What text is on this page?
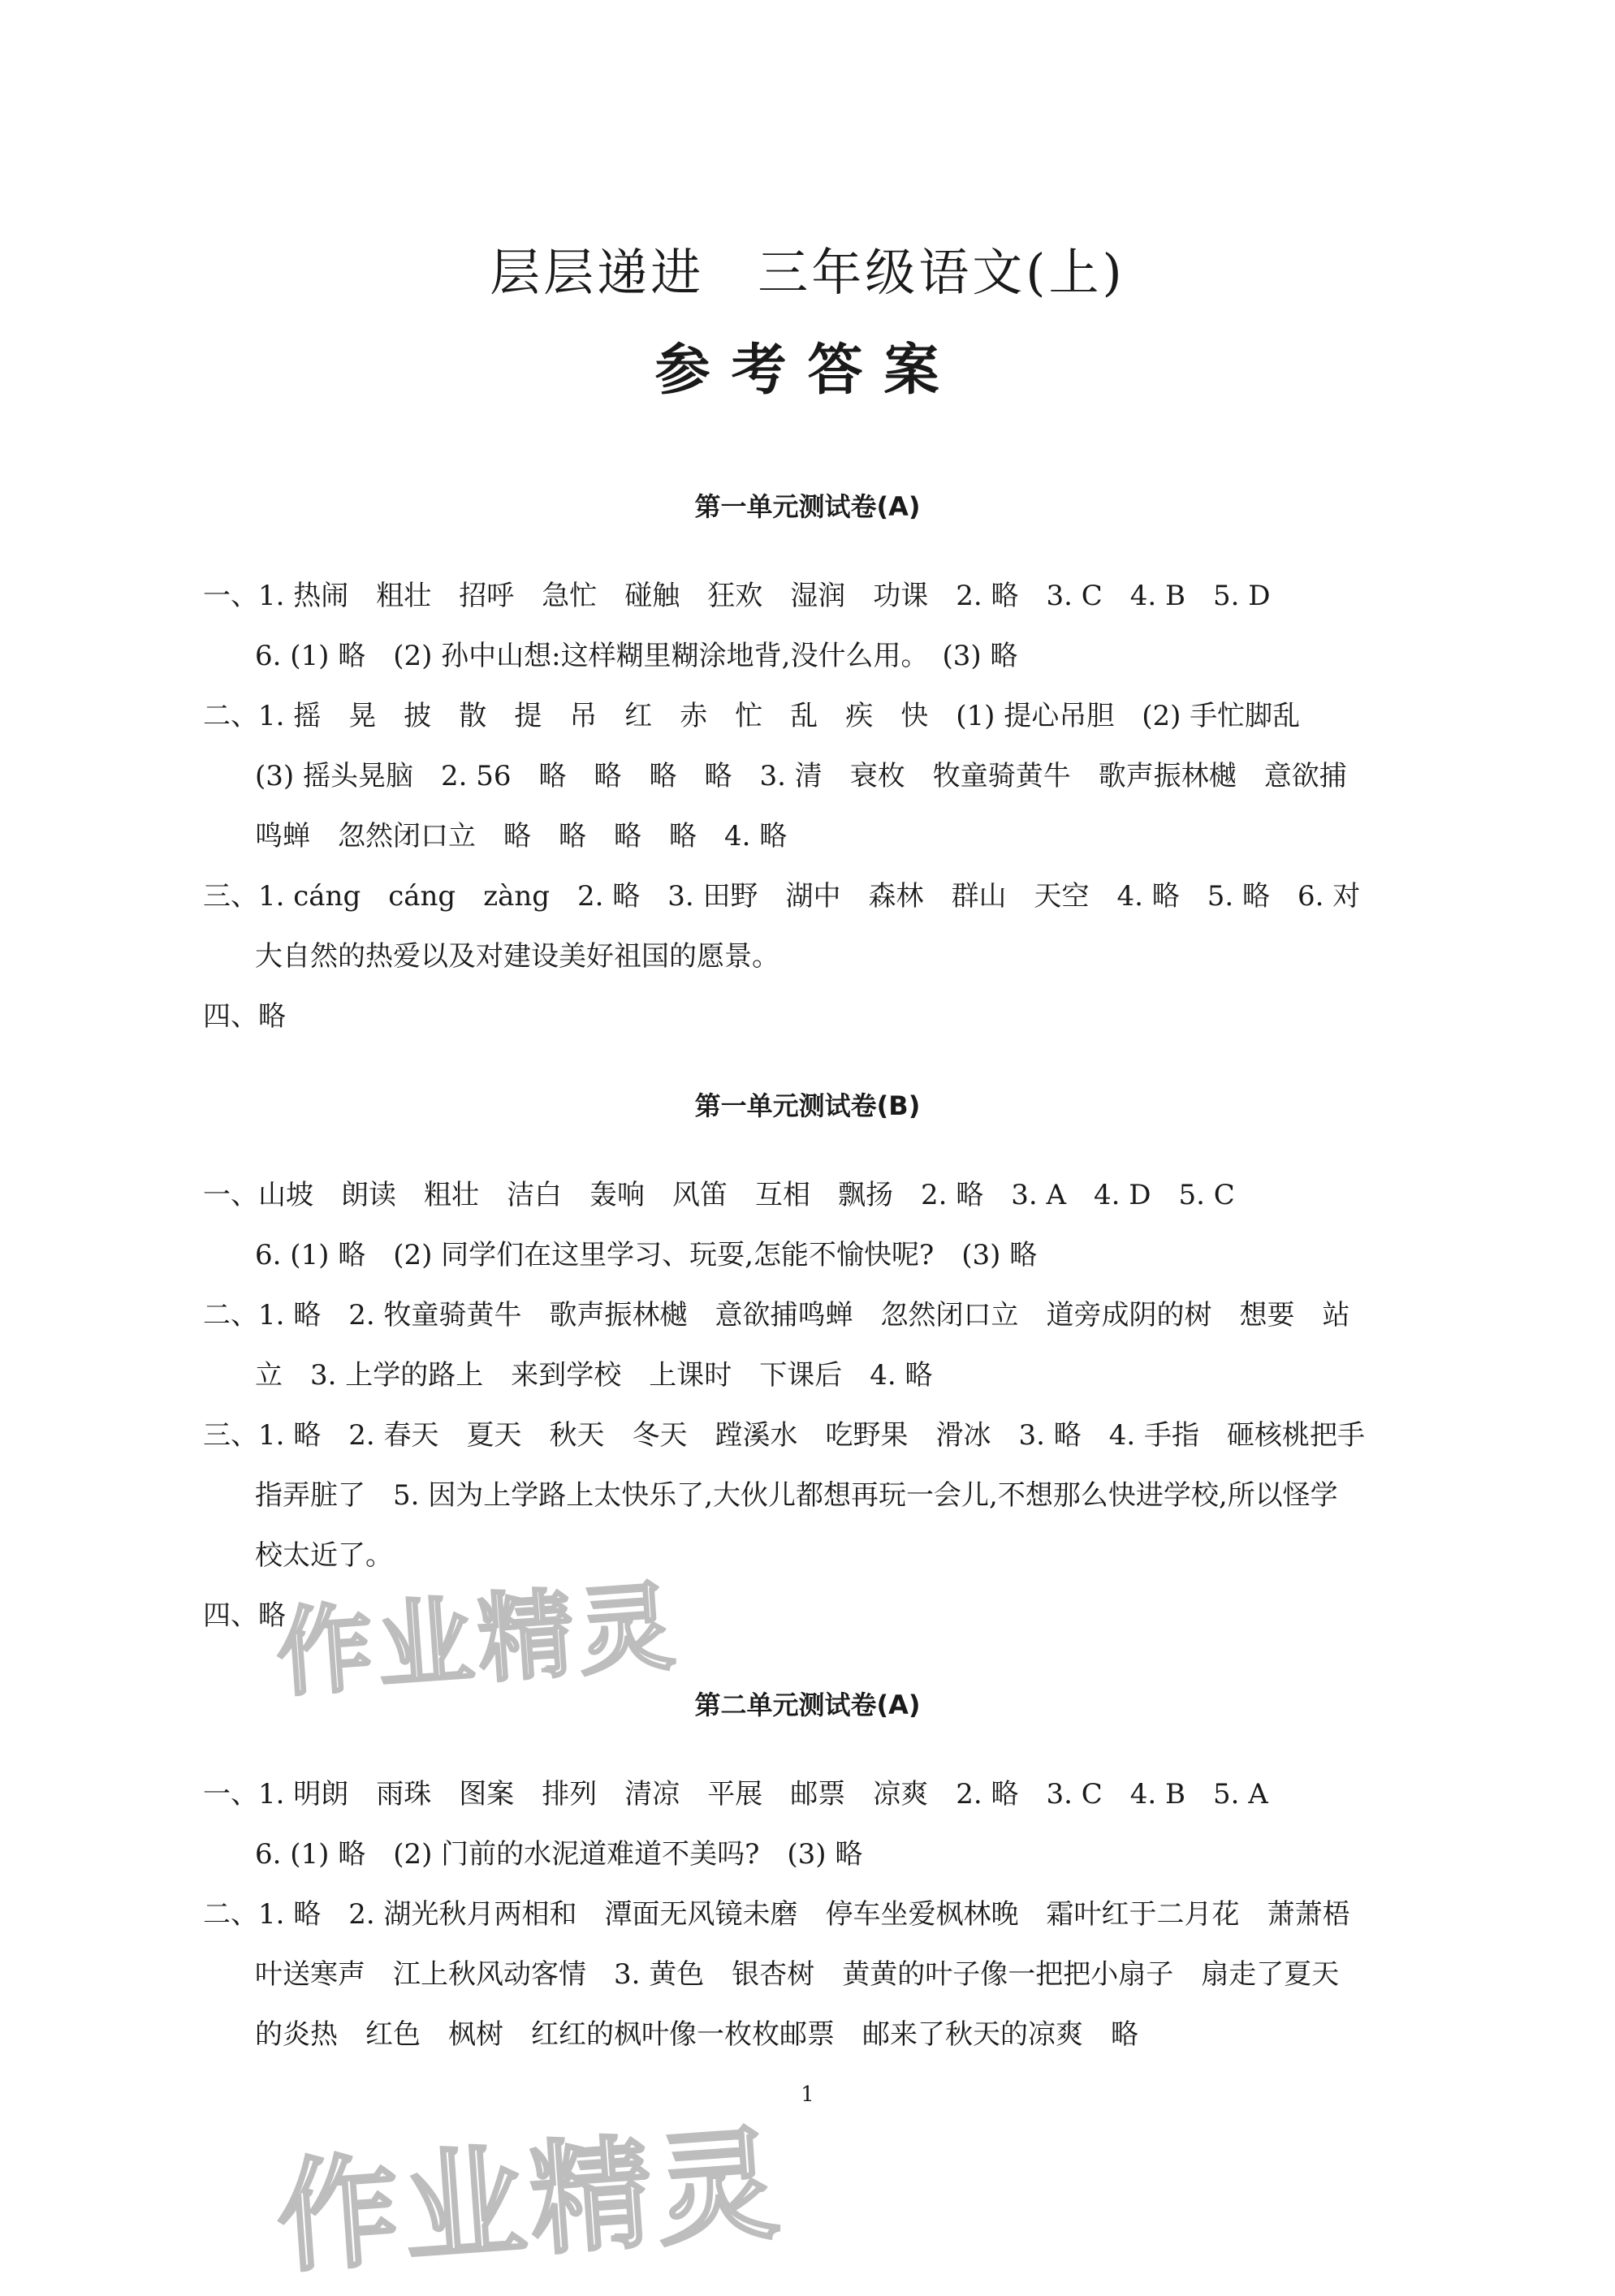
层层递进　三年级语文(上)
参考答案
第一单元测试卷(A)
一、1. 热闹　粗壮　招呼　急忙　碰触　狂欢　湿润　功课　2. 略　3. C　4. B　5. D
6. (1) 略　(2) 孙中山想:这样糊里糊涂地背,没什么用。　(3) 略
二、1. 摇　晃　披　散　提　吊　红　赤　忙　乱　疾　快　(1) 提心吊胆　(2) 手忙脚乱
(3) 摇头晃脑　2. 56　略　略　略　略　3. 清　衰枚　牧童骑黄牛　歌声振林樾　意欲捕
鸣蝉　忽然闭口立　略　略　略　略　4. 略
三、1. cáng　cáng　zàng　2. 略　3. 田野　湖中　森林　群山　天空　4. 略　5. 略　6. 对
大自然的热爱以及对建设美好祖国的愿景。
四、略
第一单元测试卷(B)
一、山坡　朗读　粗壮　洁白　轰响　风笛　互相　飘扬　2. 略　3. A　4. D　5. C
6. (1) 略　(2) 同学们在这里学习、玩耍,怎能不愉快呢?　(3) 略
二、1. 略　2. 牧童骑黄牛　歌声振林樾　意欲捕鸣蝉　忽然闭口立　道旁成阴的树　想要　站
立　3. 上学的路上　来到学校　上课时　下课后　4. 略
三、1. 略　2. 春天　夏天　秋天　冬天　蹚溪水　吃野果　滑冰　3. 略　4. 手指　砸核桃把手
指弄脏了　5. 因为上学路上太快乐了,大伙儿都想再玩一会儿,不想那么快进学校,所以怪学
校太近了。
四、略
第二单元测试卷(A)
一、1. 明朗　雨珠　图案　排列　清凉　平展　邮票　凉爽　2. 略　3. C　4. B　5. A
6. (1) 略　(2) 门前的水泥道难道不美吗?　(3) 略
二、1. 略　2. 湖光秋月两相和　潭面无风镜未磨　停车坐爱枫林晚　霜叶红于二月花　萧萧梧
叶送寒声　江上秋风动客情　3. 黄色　银杏树　黄黄的叶子像一把把小扇子　扇走了夏天
的炎热　红色　枫树　红红的枫叶像一枚枚邮票　邮来了秋天的凉爽　略
1
作业精灵
作业精灵
